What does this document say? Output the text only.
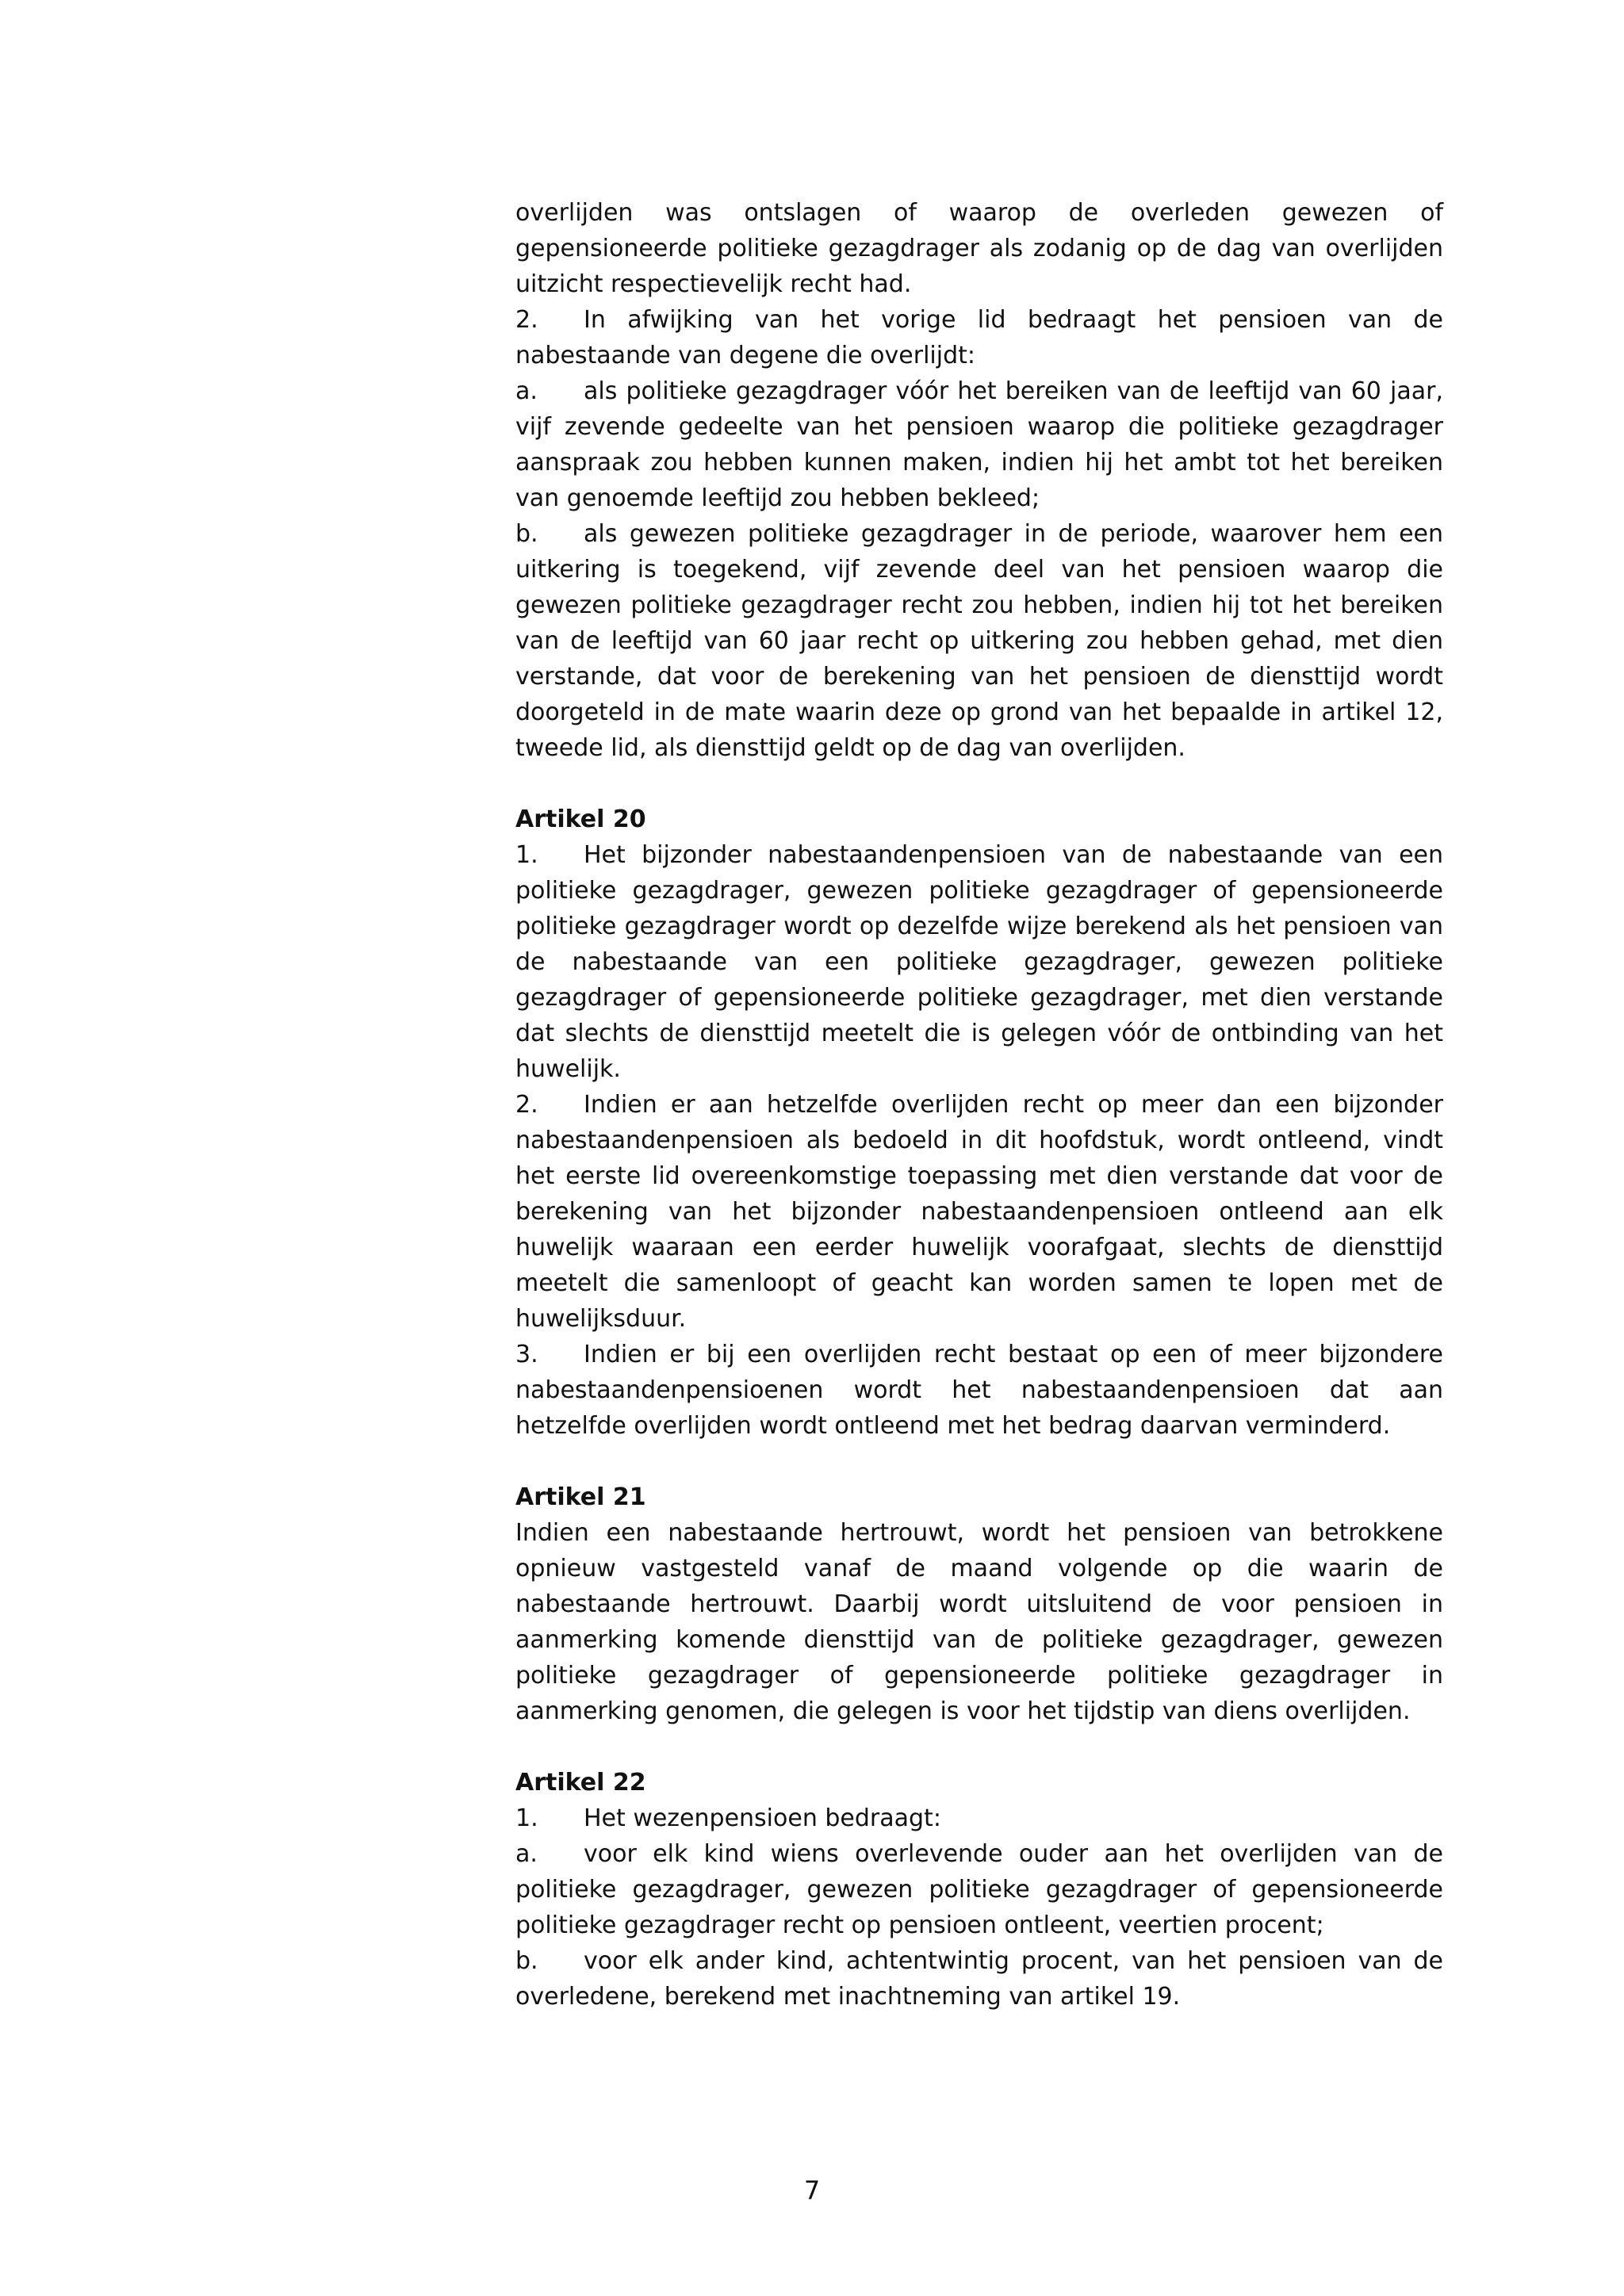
overlijden was ontslagen of waarop de overleden gewezen of gepensioneerde politieke gezagdrager als zodanig op de dag van overlijden uitzicht respectievelijk recht had.

2. In afwijking van het vorige lid bedraagt het pensioen van de nabestaande van degene die overlijdt:

a. als politieke gezagdrager vóór het bereiken van de leeftijd van 60 jaar, vijf zevende gedeelte van het pensioen waarop die politieke gezagdrager aanspraak zou hebben kunnen maken, indien hij het ambt tot het bereiken van genoemde leeftijd zou hebben bekleed;

b. als gewezen politieke gezagdrager in de periode, waarover hem een uitkering is toegekend, vijf zevende deel van het pensioen waarop die gewezen politieke gezagdrager recht zou hebben, indien hij tot het bereiken van de leeftijd van 60 jaar recht op uitkering zou hebben gehad, met dien verstande, dat voor de berekening van het pensioen de diensttijd wordt doorgeteld in de mate waarin deze op grond van het bepaalde in artikel 12, tweede lid, als diensttijd geldt op de dag van overlijden.

Artikel 20

1. Het bijzonder nabestaandenpensioen van de nabestaande van een politieke gezagdrager, gewezen politieke gezagdrager of gepensioneerde politieke gezagdrager wordt op dezelfde wijze berekend als het pensioen van de nabestaande van een politieke gezagdrager, gewezen politieke gezagdrager of gepensioneerde politieke gezagdrager, met dien verstande dat slechts de diensttijd meetelt die is gelegen vóór de ontbinding van het huwelijk.

2. Indien er aan hetzelfde overlijden recht op meer dan een bijzonder nabestaandenpensioen als bedoeld in dit hoofdstuk, wordt ontleend, vindt het eerste lid overeenkomstige toepassing met dien verstande dat voor de berekening van het bijzonder nabestaandenpensioen ontleend aan elk huwelijk waaraan een eerder huwelijk voorafgaat, slechts de diensttijd meetelt die samenloopt of geacht kan worden samen te lopen met de huwelijksduur.

3. Indien er bij een overlijden recht bestaat op een of meer bijzondere nabestaandenpensioenen wordt het nabestaandenpensioen dat aan hetzelfde overlijden wordt ontleend met het bedrag daarvan verminderd.

Artikel 21

Indien een nabestaande hertrouwt, wordt het pensioen van betrokkene opnieuw vastgesteld vanaf de maand volgende op die waarin de nabestaande hertrouwt. Daarbij wordt uitsluitend de voor pensioen in aanmerking komende diensttijd van de politieke gezagdrager, gewezen politieke gezagdrager of gepensioneerde politieke gezagdrager in aanmerking genomen, die gelegen is voor het tijdstip van diens overlijden.

Artikel 22

1. Het wezenpensioen bedraagt:

a. voor elk kind wiens overlevende ouder aan het overlijden van de politieke gezagdrager, gewezen politieke gezagdrager of gepensioneerde politieke gezagdrager recht op pensioen ontleent, veertien procent;

b. voor elk ander kind, achtentwintig procent, van het pensioen van de overledene, berekend met inachtneming van artikel 19.

7
